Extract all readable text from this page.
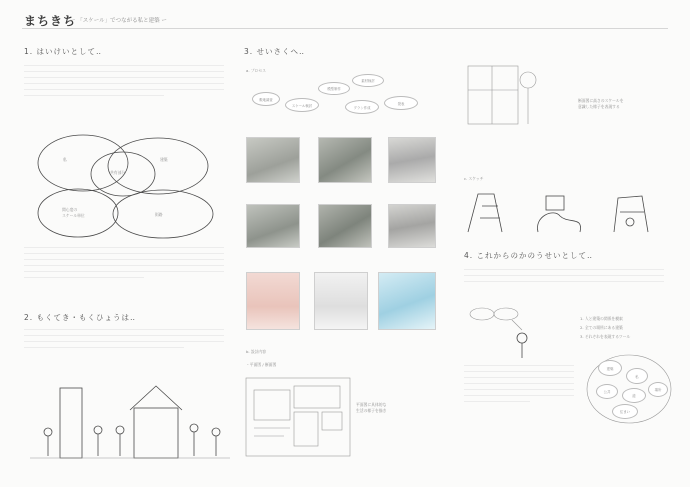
まちきち
ー 「スケール」でつながる私と建築 ー
1. はいけいとして‥
私	建築
共有部分
関心度の
スケール単位	街路
2. もくてき・もくひょうは‥
3. せいさくへ‥
a. プロセス
敷地調査
スケール検討
模型制作
素材検討
プラン作成
発表
b. 設計内容
・平面図 / 断面図
平面図に具体的な
生活の様子を描き
断面図に高さのスケールを
意識した様子を表現する
c. スケッチ
4. これからのかのうせいとして‥
1. 人と建築の関係を模索
2. 全ての場所にある建築
3. それぞれを表現するツール
建築
私
公共
道
場所
住まい
